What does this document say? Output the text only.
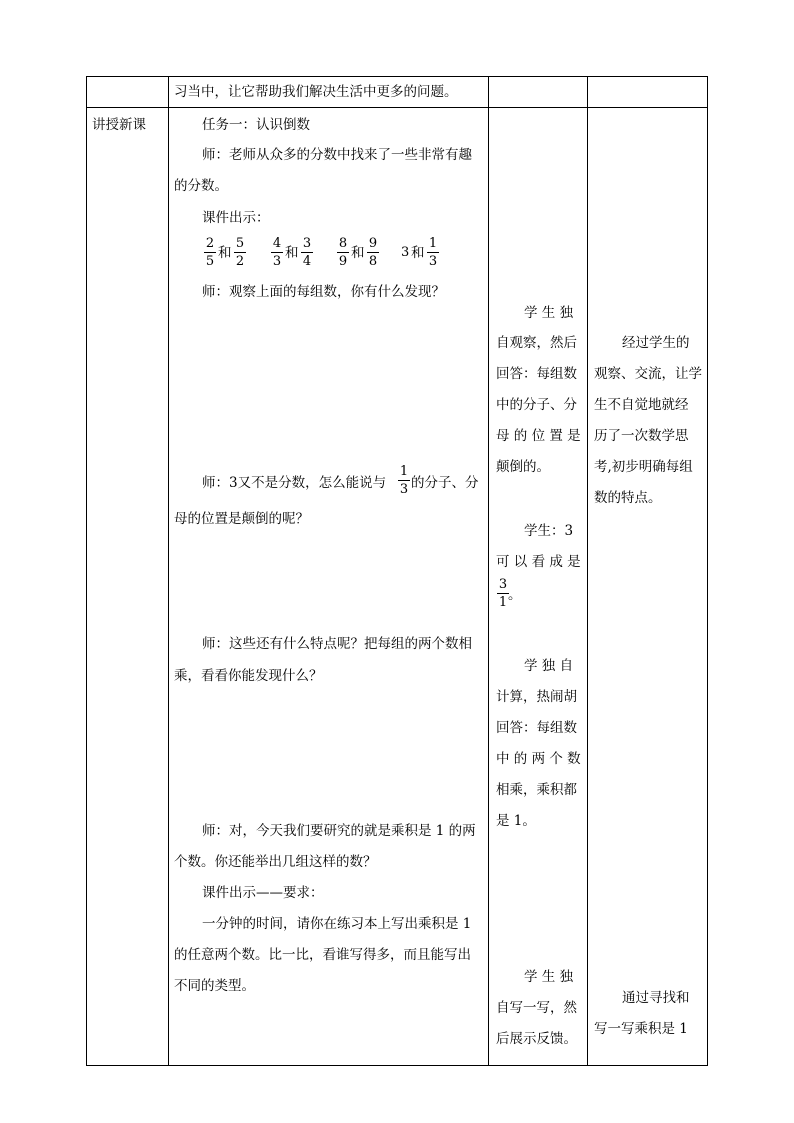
习当中，让它帮助我们解决生活中更多的问题。
讲授新课	任务一：认识倒数
师：老师从众多的分数中找来了一些非常有趣
的分数。
课件出示：
2
5
和
5
2
4
3
和
3
4
8
9
和
9
8
3 和
1
3
师：观察上面的每组数，你有什么发现？
师：3又不是分数，怎么能说与
1
3 的分子、分
母的位置是颠倒的呢？
师：这些还有什么特点呢？把每组的两个数相
乘，看看你能发现什么？
师：对，今天我们要研究的就是乘积是 1 的两
个数。你还能举出几组这样的数？
课件出示——要求：
一分钟的时间，请你在练习本上写出乘积是 1
的任意两个数。比一比，看谁写得多，而且能写出
不同的类型。
学 生 独
自观察，然后
回答：每组数
中的分子、分
母 的 位 置 是
颠倒的。
学生：3
可 以 看 成 是
3
1 。
学 独 自
计算，热闹胡
回答：每组数
中 的 两 个 数
相乘，乘积都
是 1。
学 生 独
自写一写，然
后展示反馈。
经过学生的
观察、交流，让学
生不自觉地就经
历了一次数学思
考,初步明确每组
数的特点。
通过寻找和
写一写乘积是 1
